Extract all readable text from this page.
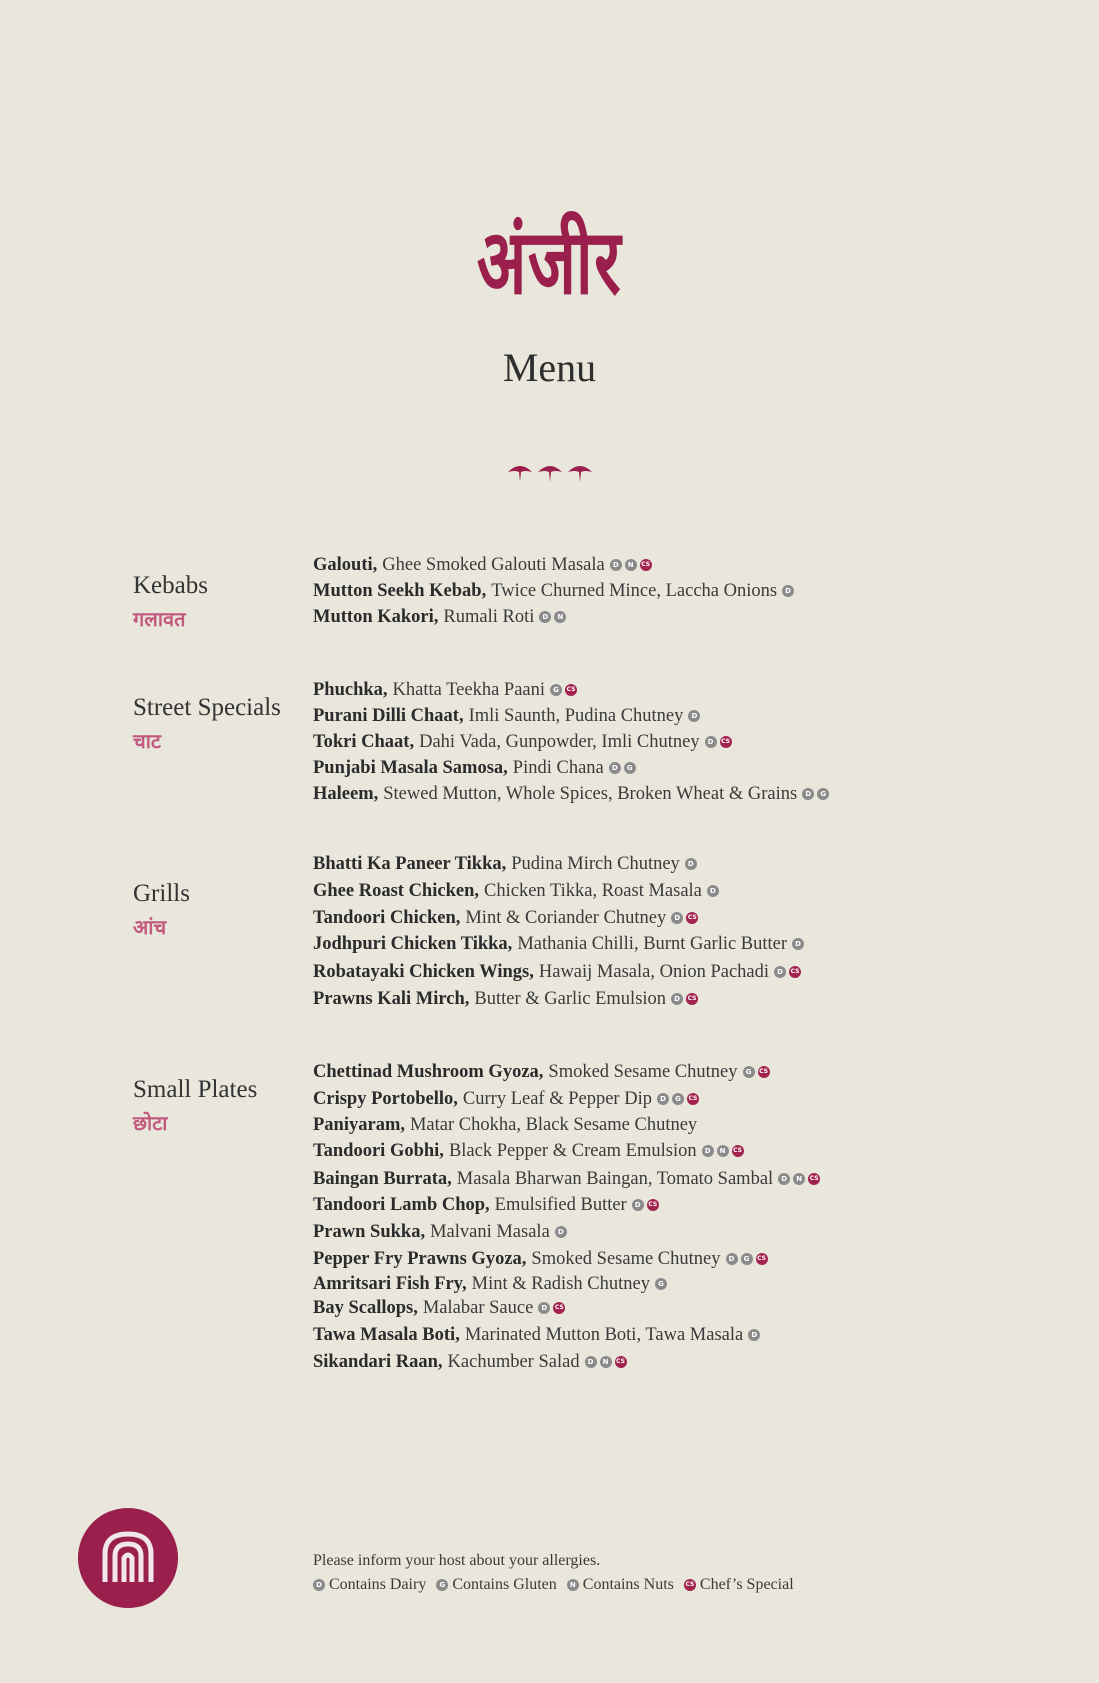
अंजीर
Menu
Kebabs
गलावत
Galouti, Ghee Smoked Galouti Masala	D	N	CS
Mutton Seekh Kebab, Twice Churned Mince, Laccha Onions	D
Mutton Kakori, Rumali Roti	D	N
Street Specials
चाट
Phuchka, Khatta Teekha Paani	G	CS
Purani Dilli Chaat, Imli Saunth, Pudina Chutney	D
Tokri Chaat, Dahi Vada, Gunpowder, Imli Chutney	D	CS
Punjabi Masala Samosa, Pindi Chana	D	G
Haleem, Stewed Mutton, Whole Spices, Broken Wheat & Grains	D	G
Grills
आंच
Bhatti Ka Paneer Tikka, Pudina Mirch Chutney	D
Ghee Roast Chicken, Chicken Tikka, Roast Masala	D
Tandoori Chicken, Mint & Coriander Chutney	D	CS
Jodhpuri Chicken Tikka, Mathania Chilli, Burnt Garlic Butter	D
Robatayaki Chicken Wings, Hawaij Masala, Onion Pachadi	D	CS
Prawns Kali Mirch, Butter & Garlic Emulsion	D	CS
Small Plates
छोटा
Chettinad Mushroom Gyoza, Smoked Sesame Chutney	G	CS
Crispy Portobello, Curry Leaf & Pepper Dip	D	G	CS
Paniyaram, Matar Chokha, Black Sesame Chutney
Tandoori Gobhi, Black Pepper & Cream Emulsion	D	N	CS
Baingan Burrata, Masala Bharwan Baingan, Tomato Sambal	D	N	CS
Tandoori Lamb Chop, Emulsified Butter	D	CS
Prawn Sukka, Malvani Masala	D
Pepper Fry Prawns Gyoza, Smoked Sesame Chutney	D	G	CS
Amritsari Fish Fry, Mint & Radish Chutney	G
Bay Scallops, Malabar Sauce	D	CS
Tawa Masala Boti, Marinated Mutton Boti, Tawa Masala	D
Sikandari Raan, Kachumber Salad	D	N	CS
Please inform your host about your allergies.
D Contains Dairy	G Contains Gluten	N Contains Nuts CS Chef’s Special
